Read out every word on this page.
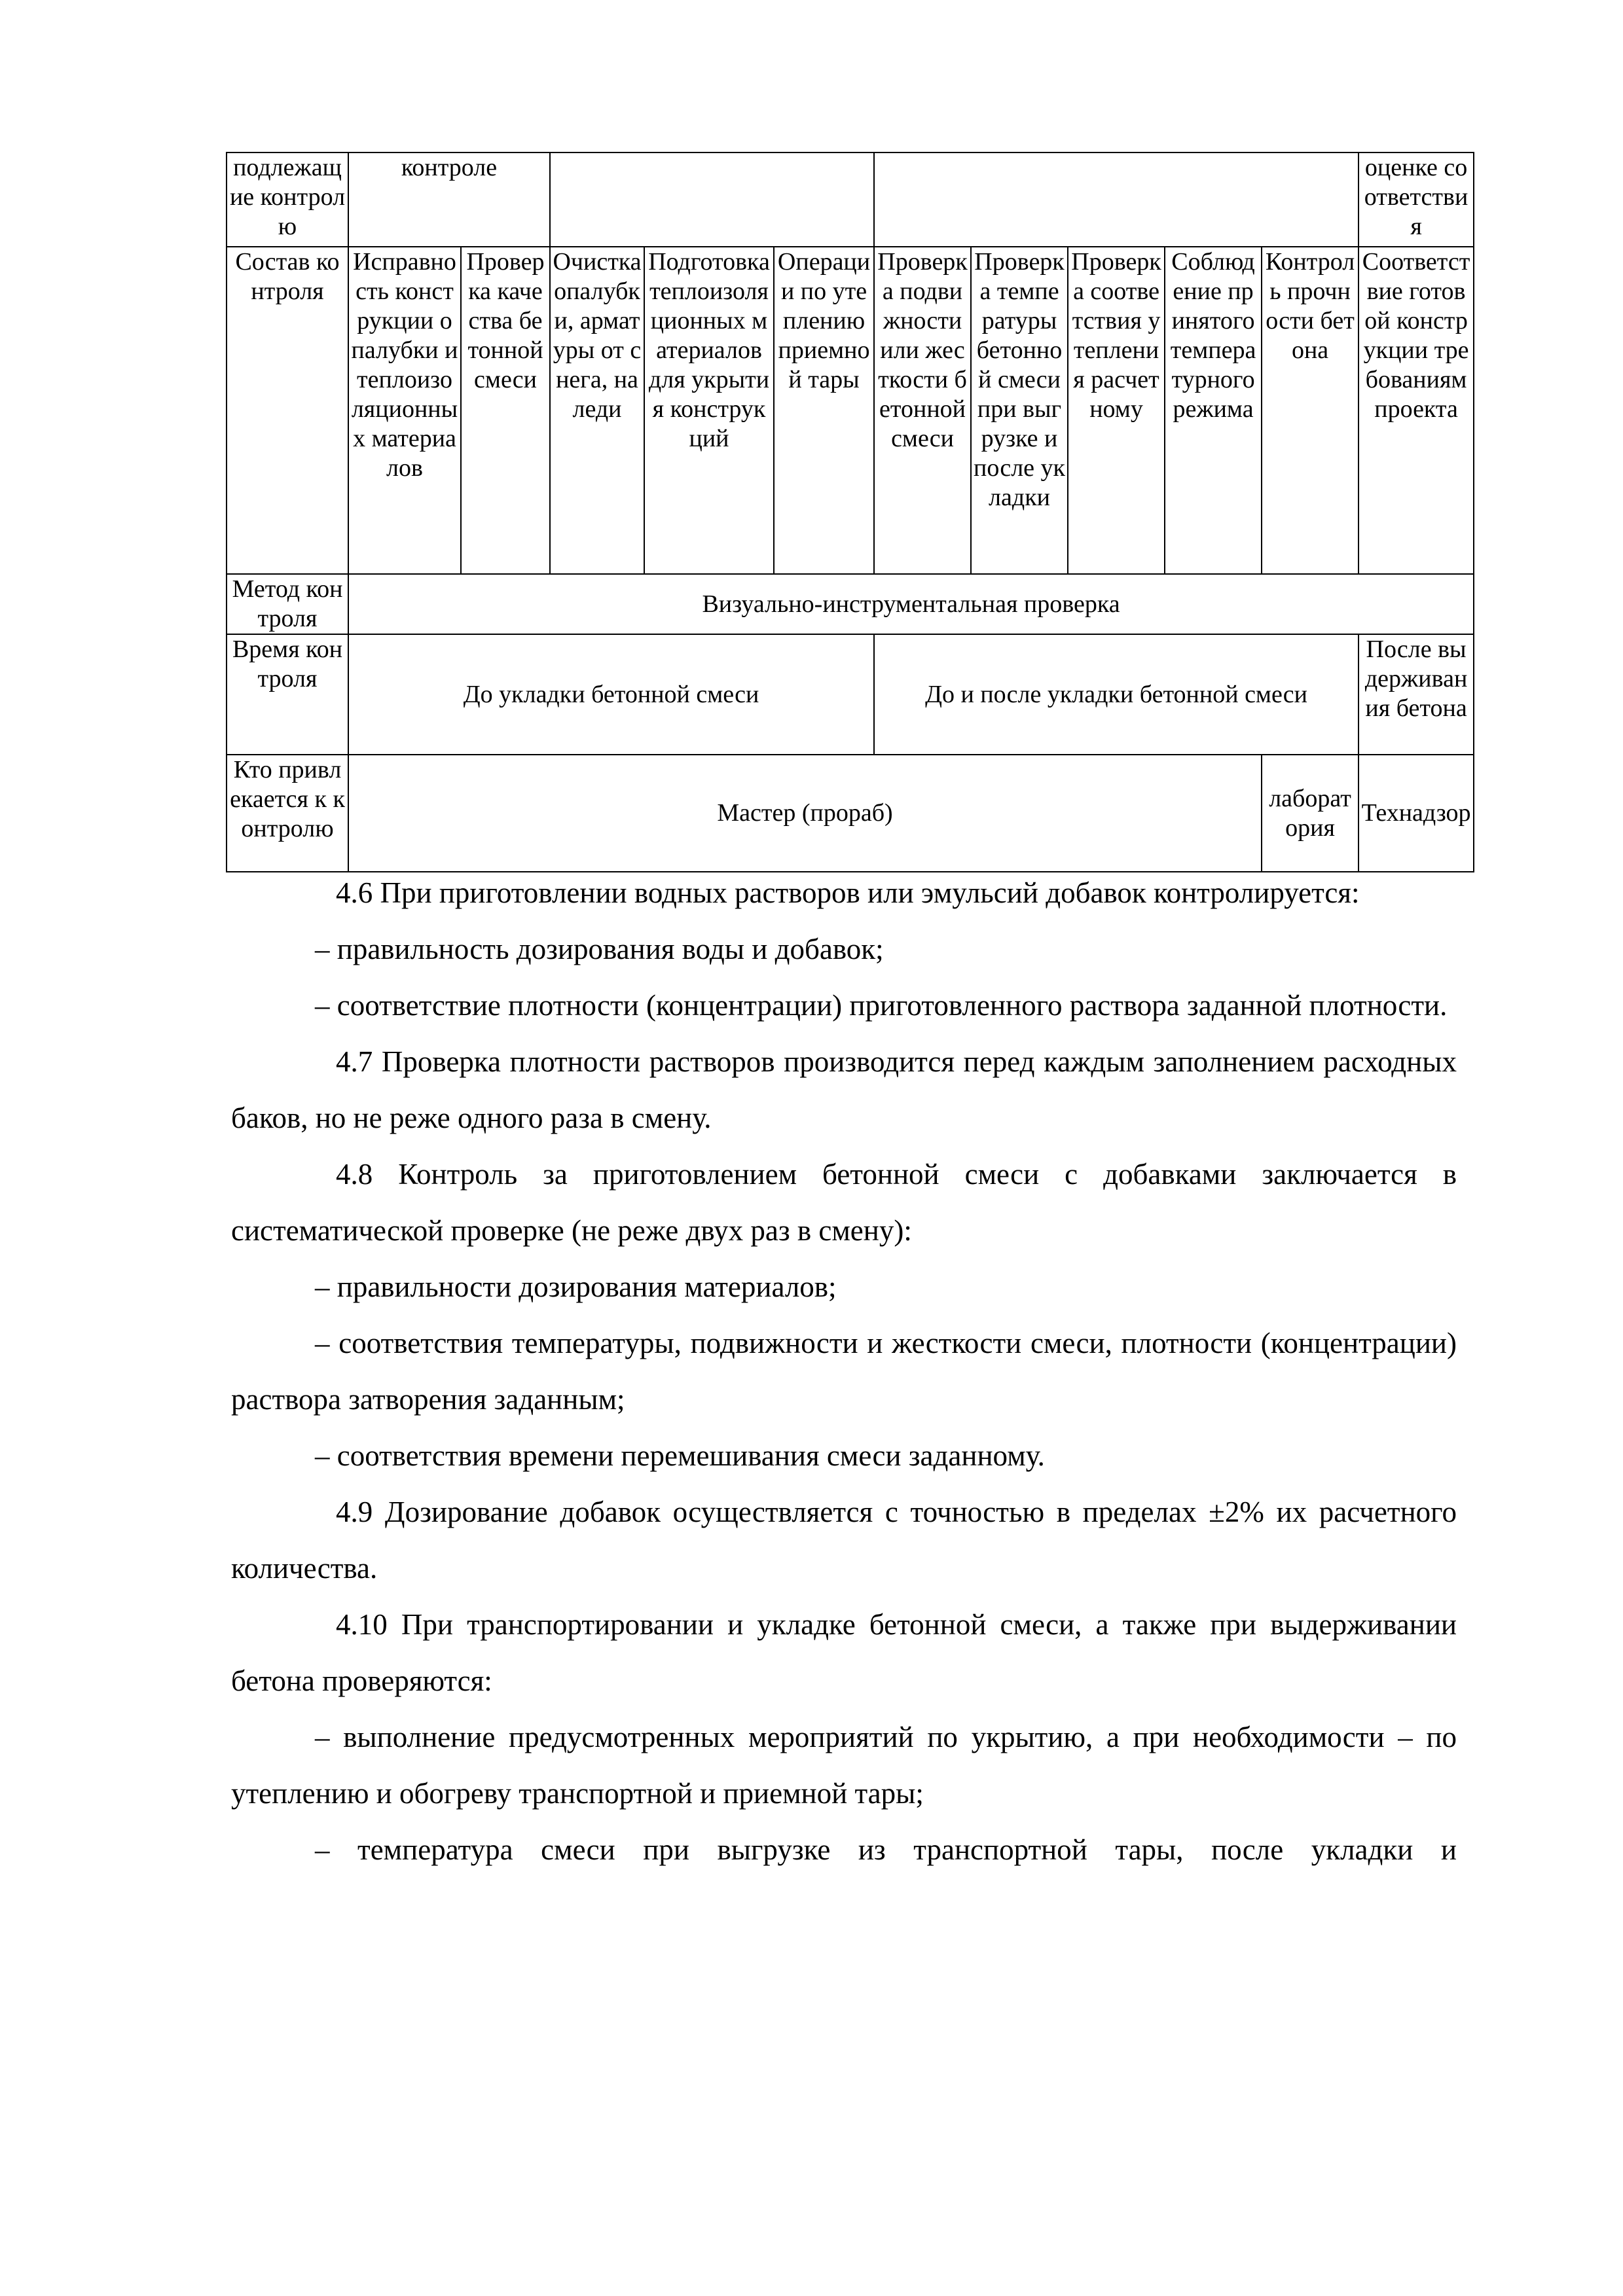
подлежащие контролю	контроле										оценке соответствия
Состав контроля	Исправность конструкции опалубки и теплоизоляционных материалов	Проверка качества бетонной смеси	Очистка опалубки, арматуры от снега, наледи	Подготовка теплоизоляционных материалов для укрытия конструкций	Операции по утеплению приемной тары	Проверка подвижности или жесткости бетонной смеси	Проверка температуры бетонной смеси при выгрузке и после укладки	Проверка соответствия утепления расчетному	Соблюдение принятого температурного режима	Контроль прочности бетона	Соответствие готовой конструкции требованиям проекта
Метод контроля	Визуально-инструментальная проверка										
Время контроля	До укладки бетонной смеси					До и после укладки бетонной смеси					После выдерживания бетона
Кто привлекается к контролю	Мастер (прораб)									лаборатория	Технадзор

4.6 При приготовлении водных растворов или эмульсий добавок контролируется:

– правильность дозирования воды и добавок;

– соответствие плотности (концентрации) приготовленного раствора заданной плотности.

4.7 Проверка плотности растворов производится перед каждым заполнением расходных баков, но не реже одного раза в смену.

4.8 Контроль за приготовлением бетонной смеси с добавками заключается в систематической проверке (не реже двух раз в смену):

– правильности дозирования материалов;

– соответствия температуры, подвижности и жесткости смеси, плотности (концентрации) раствора затворения заданным;

– соответствия времени перемешивания смеси заданному.

4.9 Дозирование добавок осуществляется с точностью в пределах ±2% их расчетного количества.

4.10 При транспортировании и укладке бетонной смеси, а также при выдерживании бетона проверяются:

– выполнение предусмотренных мероприятий по укрытию, а при необходимости – по утеплению и обогреву транспортной и приемной тары;

– температура смеси при выгрузке из транспортной тары, после укладки и
